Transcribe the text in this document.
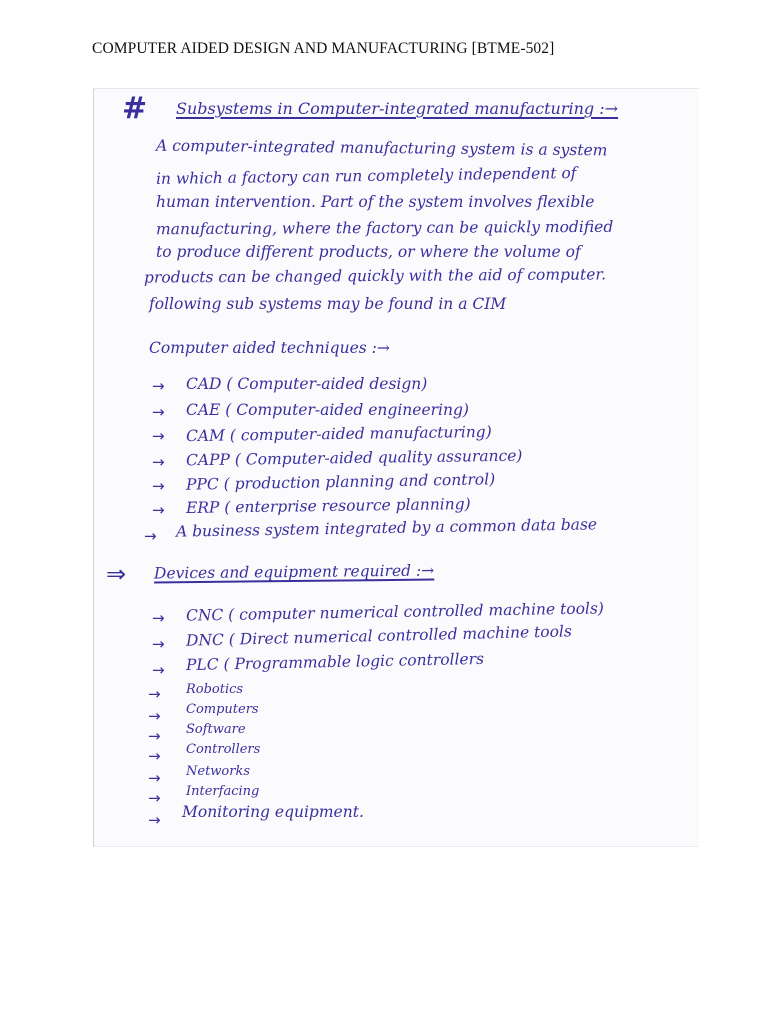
COMPUTER AIDED DESIGN AND MANUFACTURING [BTME-502]
# Subsystems in Computer-integrated manufacturing :→
A computer-integrated manufacturing system is a system
in which a factory can run completely independent of
human intervention. Part of the system involves flexible
manufacturing, where the factory can be quickly modified
to produce different products, or where the volume of
products can be changed quickly with the aid of computer.
following sub systems may be found in a CIM
Computer aided techniques :→
→ CAD ( Computer-aided design)
→ CAE ( Computer-aided engineering)
→ CAM ( computer-aided manufacturing)
→ CAPP ( Computer-aided quality assurance)
→ PPC ( production planning and control)
→ ERP ( enterprise resource planning)
→ A business system integrated by a common data base
⇒ Devices and equipment required :→
→ CNC ( computer numerical controlled machine tools)
→ DNC ( Direct numerical controlled machine tools
→ PLC ( Programmable logic controllers
→ Robotics
→ Computers
→ Software
→ Controllers
→ Networks
→ Interfacing
→ Monitoring equipment.
